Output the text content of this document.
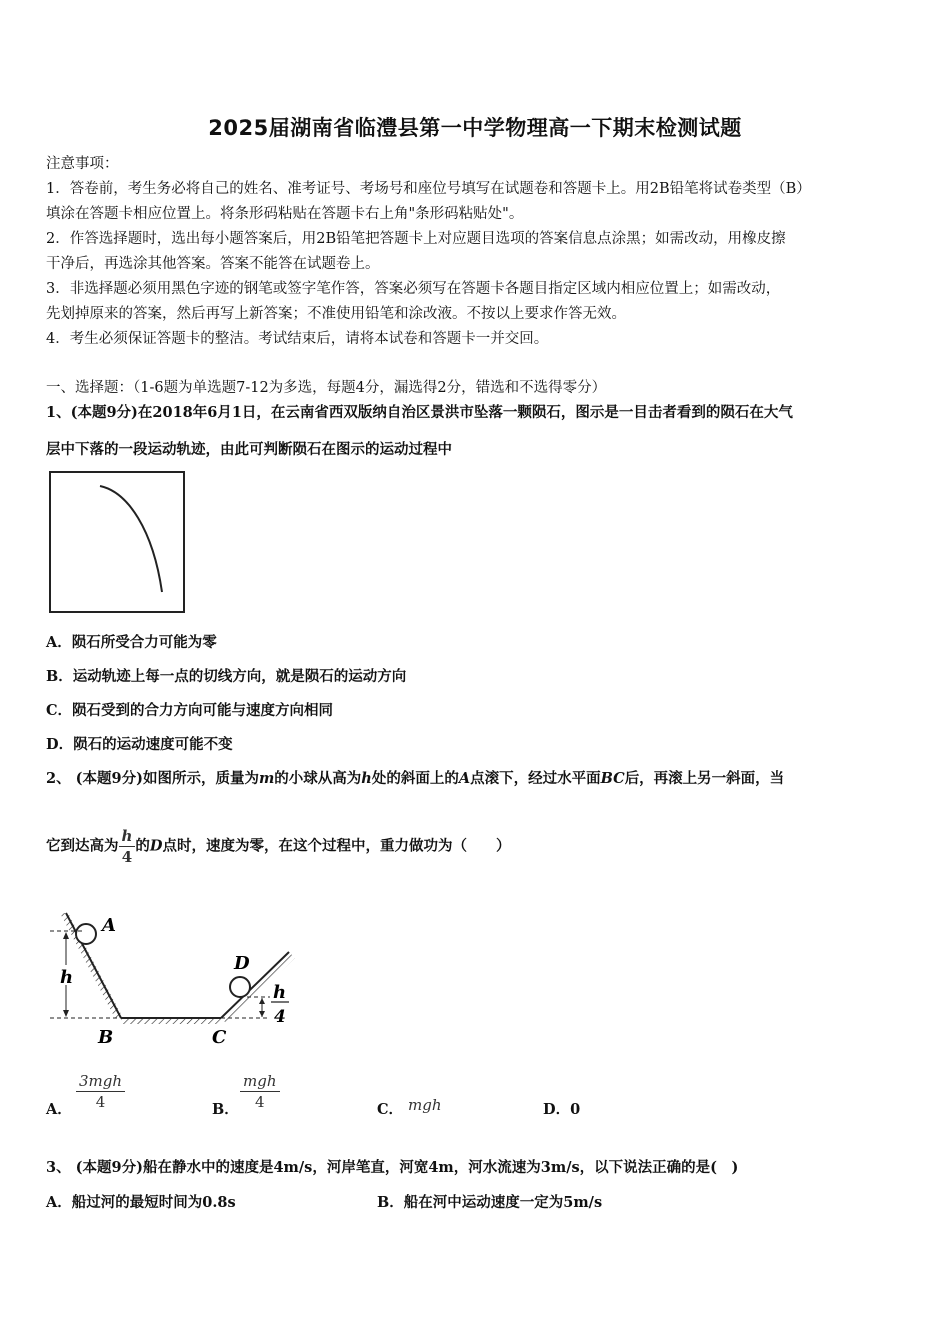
2025届湖南省临澧县第一中学物理高一下期末检测试题
注意事项：
1．答卷前，考生务必将自己的姓名、准考证号、考场号和座位号填写在试题卷和答题卡上。用2B铅笔将试卷类型（B）
填涂在答题卡相应位置上。将条形码粘贴在答题卡右上角"条形码粘贴处"。
2．作答选择题时，选出每小题答案后，用2B铅笔把答题卡上对应题目选项的答案信息点涂黑；如需改动，用橡皮擦
干净后，再选涂其他答案。答案不能答在试题卷上。
3．非选择题必须用黑色字迹的钢笔或签字笔作答，答案必须写在答题卡各题目指定区域内相应位置上；如需改动，
先划掉原来的答案，然后再写上新答案；不准使用铅笔和涂改液。不按以上要求作答无效。
4．考生必须保证答题卡的整洁。考试结束后，请将本试卷和答题卡一并交回。
一、选择题：（1-6题为单选题7-12为多选，每题4分，漏选得2分，错选和不选得零分）
1、(本题9分)在2018年6月1日，在云南省西双版纳自治区景洪市坠落一颗陨石，图示是一目击者看到的陨石在大气
层中下落的一段运动轨迹，由此可判断陨石在图示的运动过程中
A．陨石所受合力可能为零
B．运动轨迹上每一点的切线方向，就是陨石的运动方向
C．陨石受到的合力方向可能与速度方向相同
D．陨石的运动速度可能不变
2、 (本题9分)如图所示，质量为m的小球从高为h处的斜面上的A点滚下，经过水平面BC后，再滚上另一斜面，当
它到达高为 $\frac{h}{4}$ 的D点时，速度为零，在这个过程中，重力做功为（　　）
A
h
B	C
D
h
4
A． $\frac{\text{3mgh}}{4}$	B． $\frac{\text{mgh}}{4}$	C． mgh	D．0
3、 (本题9分)船在静水中的速度是4m/s，河岸笔直，河宽4m，河水流速为3m/s，以下说法正确的是(　)
A．船过河的最短时间为0.8s	B．船在河中运动速度一定为5m/s
